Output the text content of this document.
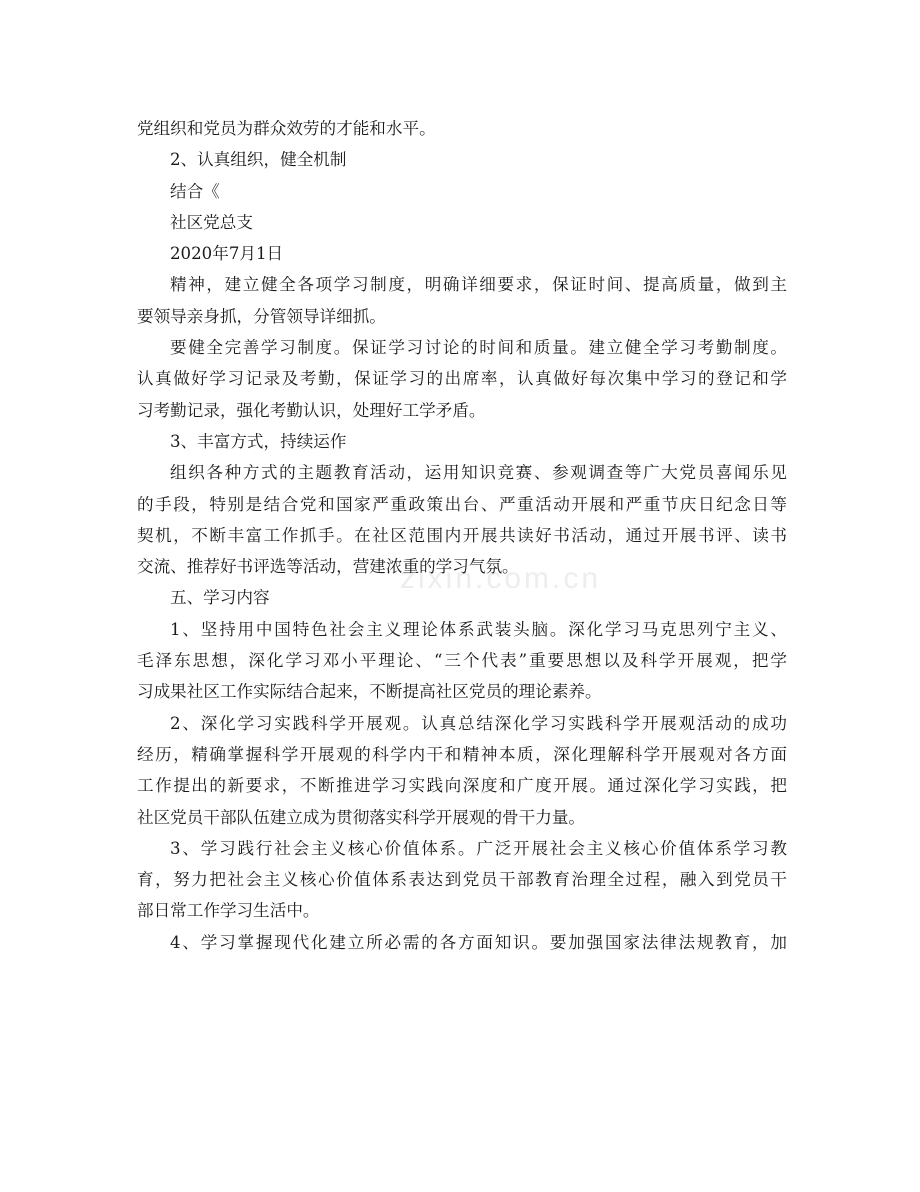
zixin.com.cn
党组织和党员为群众效劳的才能和水平。
2、认真组织，健全机制
结合《
社区党总支
2020年7月1日
精神，建立健全各项学习制度，明确详细要求，保证时间、提高质量，做到主
要领导亲身抓，分管领导详细抓。
要健全完善学习制度。保证学习讨论的时间和质量。建立健全学习考勤制度。
认真做好学习记录及考勤，保证学习的出席率，认真做好每次集中学习的登记和学
习考勤记录，强化考勤认识，处理好工学矛盾。
3、丰富方式，持续运作
组织各种方式的主题教育活动，运用知识竞赛、参观调查等广大党员喜闻乐见
的手段，特别是结合党和国家严重政策出台、严重活动开展和严重节庆日纪念日等
契机，不断丰富工作抓手。在社区范围内开展共读好书活动，通过开展书评、读书
交流、推荐好书评选等活动，营建浓重的学习气氛。
五、学习内容
1、坚持用中国特色社会主义理论体系武装头脑。深化学习马克思列宁主义、
毛泽东思想，深化学习邓小平理论、“三个代表”重要思想以及科学开展观，把学
习成果社区工作实际结合起来，不断提高社区党员的理论素养。
2、深化学习实践科学开展观。认真总结深化学习实践科学开展观活动的成功
经历，精确掌握科学开展观的科学内干和精神本质，深化理解科学开展观对各方面
工作提出的新要求，不断推进学习实践向深度和广度开展。通过深化学习实践，把
社区党员干部队伍建立成为贯彻落实科学开展观的骨干力量。
3、学习践行社会主义核心价值体系。广泛开展社会主义核心价值体系学习教
育，努力把社会主义核心价值体系表达到党员干部教育治理全过程，融入到党员干
部日常工作学习生活中。
4、学习掌握现代化建立所必需的各方面知识。要加强国家法律法规教育，加
